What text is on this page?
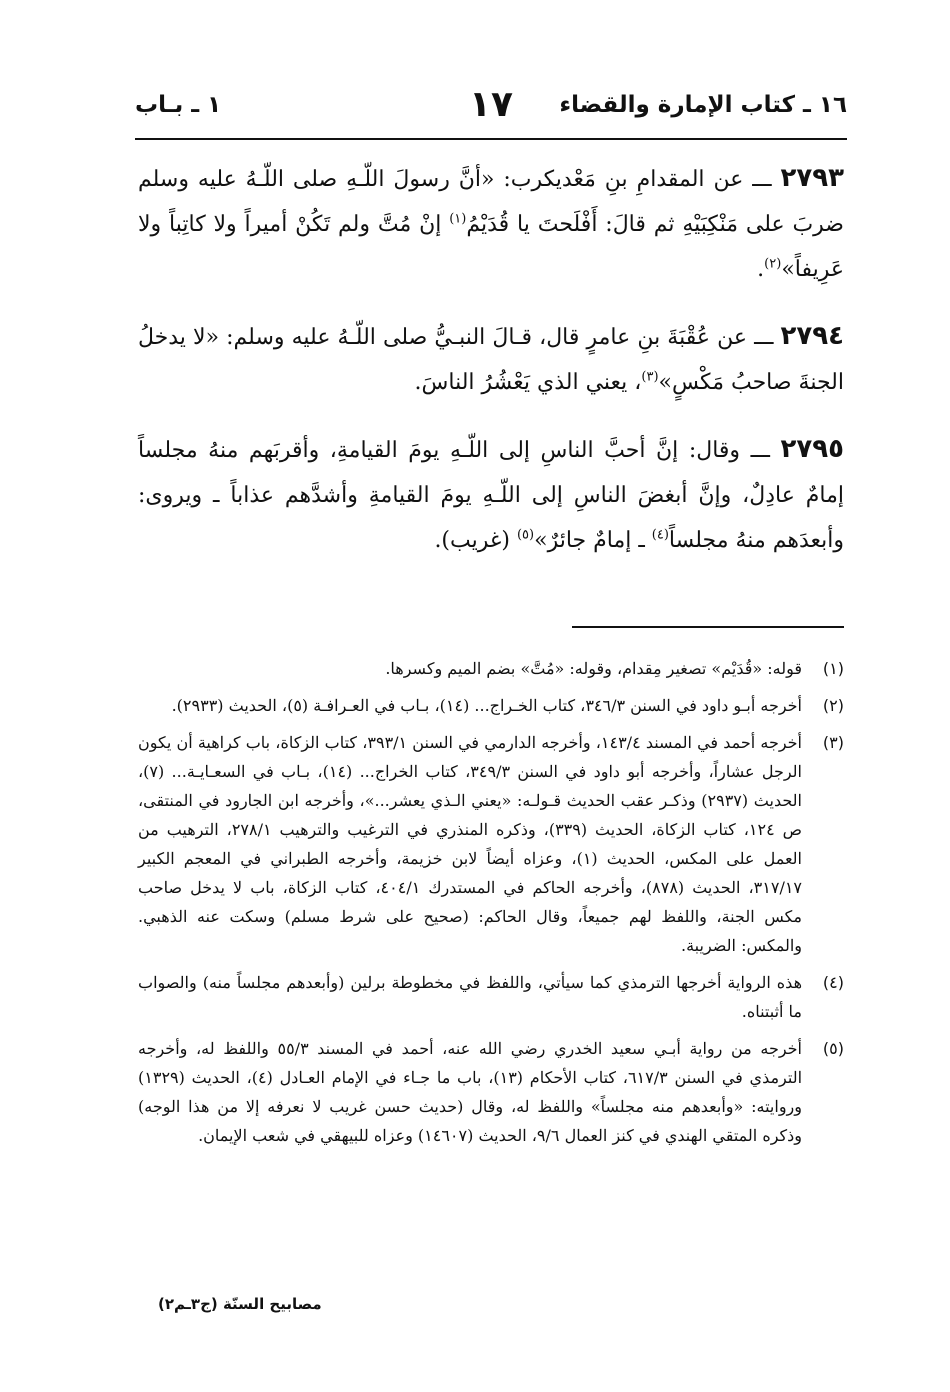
١٦ ـ كتاب الإمارة والقضاء
١٧
١ ـ بـاب

٢٧٩٣ ـــ عن المقدامِ بنِ مَعْديكرب: «أنَّ رسولَ اللّـهِ صلى اللّـهُ عليه وسلم ضربَ على مَنْكِبَيْهِ ثم قالَ: أَفْلَحتَ يا قُدَيْمُ$^{(١)}$ إنْ مُتَّ ولم تَكُنْ أميراً ولا كاتِباً ولا عَرِيفاً»$^{(٢)}$.

٢٧٩٤ ـــ عن عُقْبَةَ بنِ عامرٍ قال، قـالَ النبـيُّ صلى اللّـهُ عليه وسلم: «لا يدخلُ الجنةَ صاحبُ مَكْسٍ»$^{(٣)}$، يعني الذي يَعْشُرُ الناسَ.

٢٧٩٥ ـــ وقال: إنَّ أحبَّ الناسِ إلى اللّـهِ يومَ القيامةِ، وأقربَهم منهُ مجلساً إمامٌ عادِلٌ، وإنَّ أبغضَ الناسِ إلى اللّـهِ يومَ القيامةِ وأشدَّهم عذاباً ـ ويروى: وأبعدَهم منهُ مجلساً$^{(٤)}$ ـ إمامٌ جائرٌ»$^{(٥)}$ (غريب).

(١)
قوله: «قُدَيْم» تصغير مِقدام، وقوله: «مُتَّ» بضم الميم وكسرها.
(٢)
أخرجه أبـو داود في السنن ٣٤٦/٣، كتاب الخـراج... (١٤)، بـاب في العـرافـة (٥)، الحديث (٢٩٣٣).
(٣)
أخرجه أحمد في المسند ١٤٣/٤، وأخرجه الدارمي في السنن ٣٩٣/١، كتاب الزكاة، باب كراهية أن يكون الرجل عشاراً، وأخرجه أبو داود في السنن ٣٤٩/٣، كتاب الخراج... (١٤)، بـاب في السعـايـة... (٧)، الحديث (٢٩٣٧) وذكـر عقب الحديث قـولـه: «يعني الـذي يعشر...»، وأخرجه ابن الجارود في المنتقى، ص ١٢٤، كتاب الزكاة، الحديث (٣٣٩)، وذكره المنذري في الترغيب والترهيب ٢٧٨/١، الترهيب من العمل على المكس، الحديث (١)، وعزاه أيضاً لابن خزيمة، وأخرجه الطبراني في المعجم الكبير ٣١٧/١٧، الحديث (٨٧٨)، وأخرجه الحاكم في المستدرك ٤٠٤/١، كتاب الزكاة، باب لا يدخل صاحب مكس الجنة، واللفظ لهم جميعاً، وقال الحاكم: (صحيح على شرط مسلم) وسكت عنه الذهبي. والمكس: الضريبة.
(٤)
هذه الرواية أخرجها الترمذي كما سيأتي، واللفظ في مخطوطة برلين (وأبعدهم مجلساً منه) والصواب ما أثبتناه.
(٥)
أخرجه من رواية أبـي سعيد الخدري رضي الله عنه، أحمد في المسند ٥٥/٣ واللفظ له، وأخرجه الترمذي في السنن ٦١٧/٣، كتاب الأحكام (١٣)، باب ما جـاء في الإمام العـادل (٤)، الحديث (١٣٢٩) وروايته: «وأبعدهم منه مجلساً» واللفظ له، وقال (حديث حسن غريب لا نعرفه إلا من هذا الوجه) وذكره المتقي الهندي في كنز العمال ٩/٦، الحديث (١٤٦٠٧) وعزاه للبيهقي في شعب الإيمان.
مصابيح السنّة (ج٣ـم٢)
